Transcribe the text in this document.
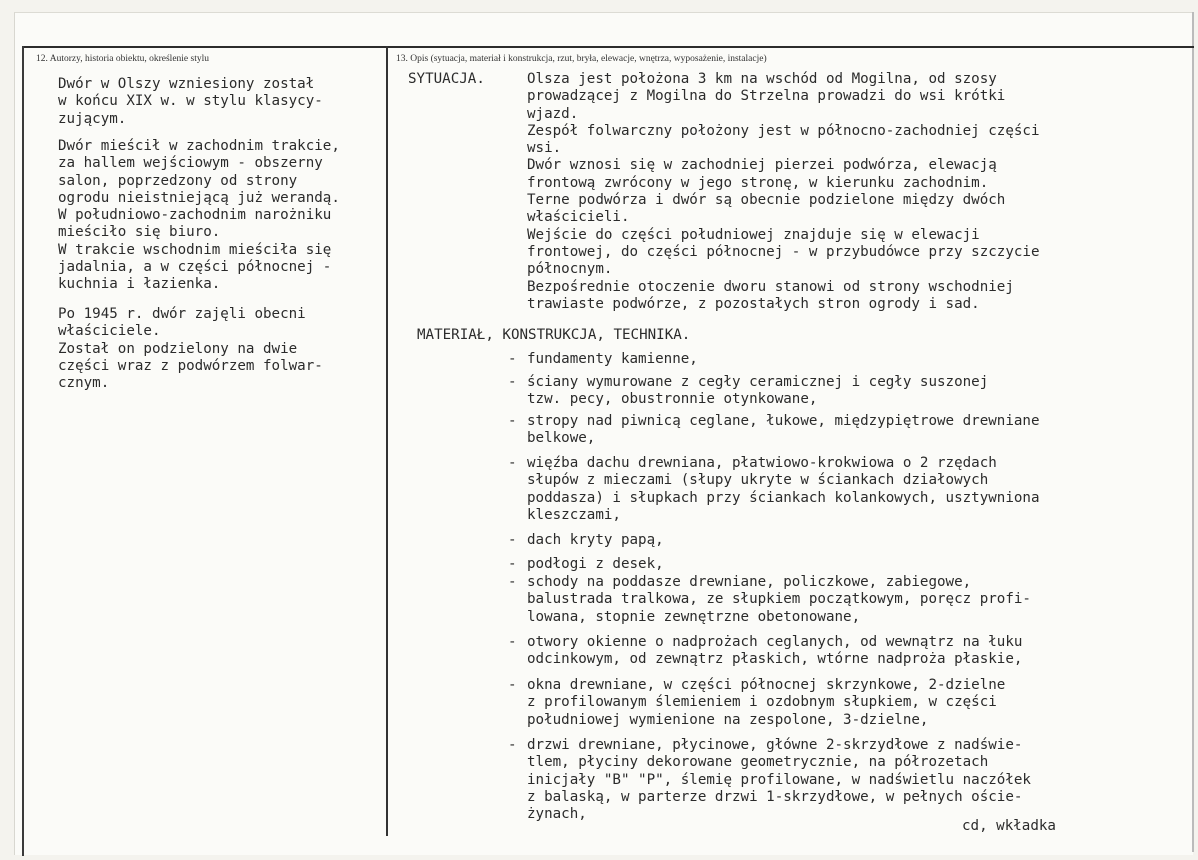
12. Autorzy, historia obiektu, określenie stylu
Dwór w Olszy wzniesiony został
w końcu XIX w. w stylu klasycy-
zującym.
Dwór mieścił w zachodnim trakcie,
za hallem wejściowym - obszerny
salon, poprzedzony od strony
ogrodu nieistniejącą już werandą.
W południowo-zachodnim narożniku
mieściło się biuro.
W trakcie wschodnim mieściła się
jadalnia, a w części północnej -
kuchnia i łazienka.
Po 1945 r. dwór zajęli obecni
właściciele.
Został on podzielony na dwie
części wraz z podwórzem folwar-
cznym.
13. Opis (sytuacja, materiał i konstrukcja, rzut, bryła, elewacje, wnętrza, wyposażenie, instalacje)
SYTUACJA.	Olsza jest położona 3 km na wschód od Mogilna, od szosy
prowadzącej z Mogilna do Strzelna prowadzi do wsi krótki
wjazd.
Zespół folwarczny położony jest w północno-zachodniej części
wsi.
Dwór wznosi się w zachodniej pierzei podwórza, elewacją
frontową zwrócony w jego stronę, w kierunku zachodnim.
Terne podwórza i dwór są obecnie podzielone między dwóch
właścicieli.
Wejście do części południowej znajduje się w elewacji
frontowej, do części północnej - w przybudówce przy szczycie
północnym.
Bezpośrednie otoczenie dworu stanowi od strony wschodniej
trawiaste podwórze, z pozostałych stron ogrody i sad.
MATERIAŁ, KONSTRUKCJA, TECHNIKA.
- fundamenty kamienne,
- ściany wymurowane z cegły ceramicznej i cegły suszonej
tzw. pecy, obustronnie otynkowane,
- stropy nad piwnicą ceglane, łukowe, międzypiętrowe drewniane
belkowe,
- więźba dachu drewniana, płatwiowo-krokwiowa o 2 rzędach
słupów z mieczami (słupy ukryte w ściankach działowych
poddasza) i słupkach przy ściankach kolankowych, usztywniona
kleszczami,
- dach kryty papą,
- podłogi z desek,
- schody na poddasze drewniane, policzkowe, zabiegowe,
balustrada tralkowa, ze słupkiem początkowym, poręcz profi-
lowana, stopnie zewnętrzne obetonowane,
- otwory okienne o nadprożach ceglanych, od wewnątrz na łuku
odcinkowym, od zewnątrz płaskich, wtórne nadproża płaskie,
- okna drewniane, w części północnej skrzynkowe, 2-dzielne
z profilowanym ślemieniem i ozdobnym słupkiem, w części
południowej wymienione na zespolone, 3-dzielne,
- drzwi drewniane, płycinowe, główne 2-skrzydłowe z nadświe-
tlem, płyciny dekorowane geometrycznie, na półrozetach
inicjały "B" "P", ślemię profilowane, w nadświetlu naczółek
z balaską, w parterze drzwi 1-skrzydłowe, w pełnych oście-
żynach,
cd, wkładka
